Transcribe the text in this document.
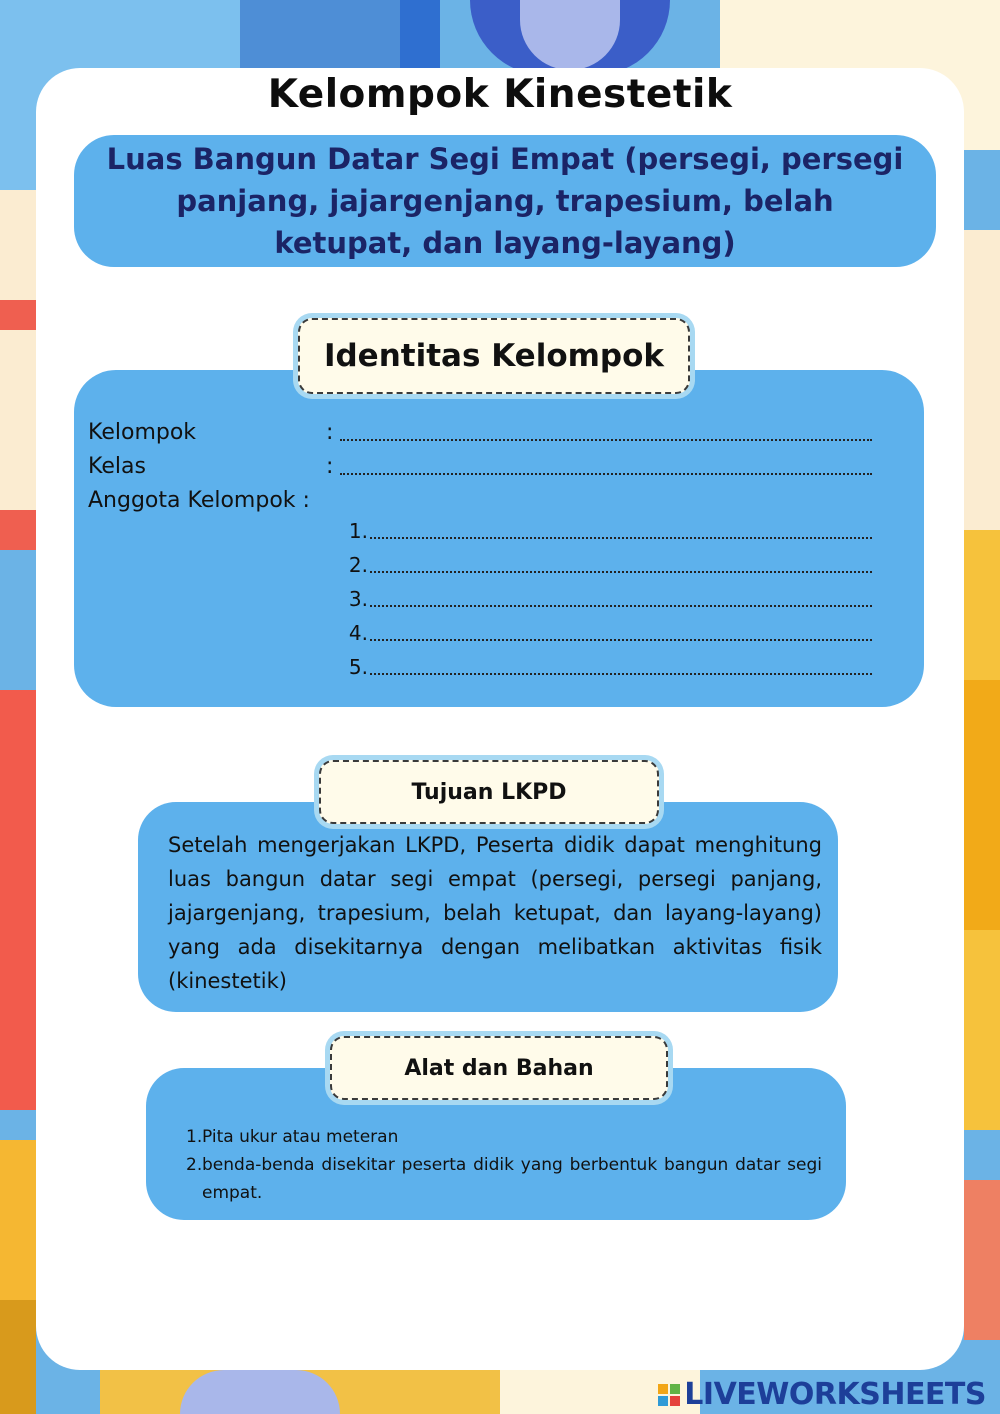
Kelompok Kinestetik
Luas Bangun Datar Segi Empat (persegi, persegi panjang, jajargenjang, trapesium, belah ketupat, dan layang-layang)
Identitas Kelompok
Kelompok	:
Kelas	:
Anggota Kelompok :
1.
2.
3.
4.
5.

Setelah mengerjakan LKPD, Peserta didik dapat menghitung luas bangun datar segi empat (persegi, persegi panjang, jajargenjang, trapesium, belah ketupat, dan layang-layang) yang ada disekitarnya dengan melibatkan aktivitas fisik (kinestetik)

Tujuan LKPD
1. Pita ukur atau meteran
2. benda-benda disekitar peserta didik yang berbentuk bangun datar segi empat.
Alat dan Bahan
LIVEWORKSHEETS
